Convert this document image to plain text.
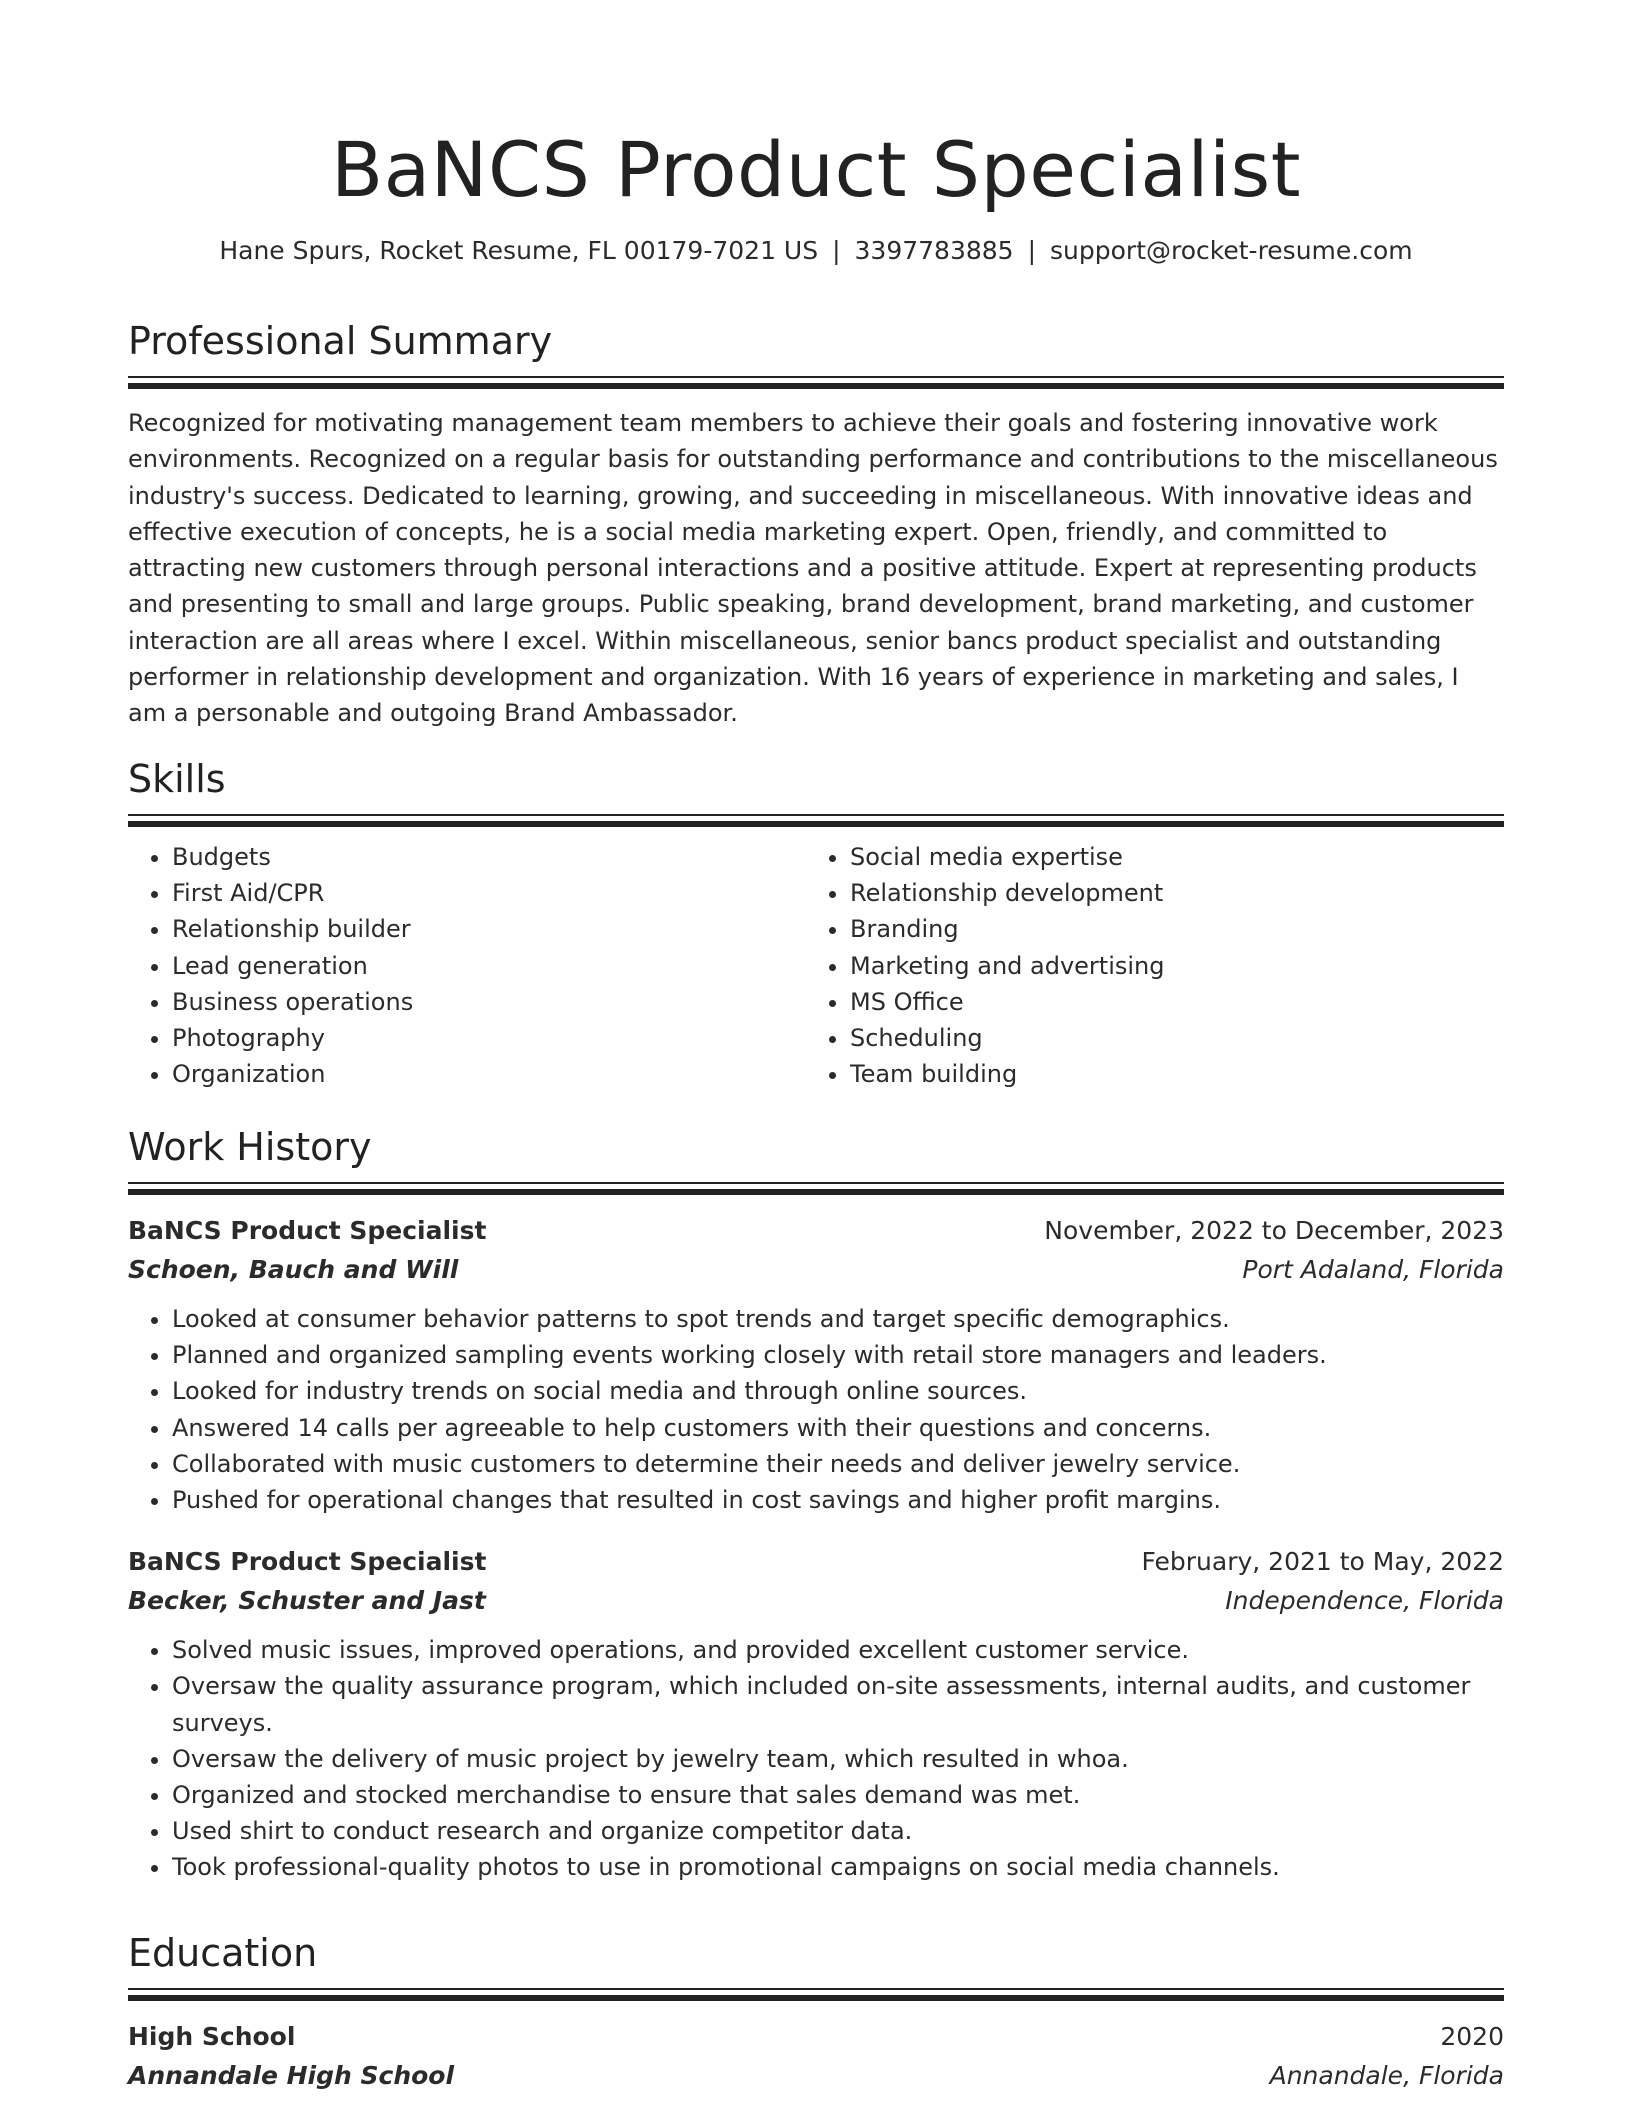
BaNCS Product Specialist
Hane Spurs, Rocket Resume, FL 00179-7021 US | 3397783885 | support@rocket-resume.com
Professional Summary

Recognized for motivating management team members to achieve their goals and fostering innovative work environments. Recognized on a regular basis for outstanding performance and contributions to the miscellaneous industry's success. Dedicated to learning, growing, and succeeding in miscellaneous. With innovative ideas and effective execution of concepts, he is a social media marketing expert. Open, friendly, and committed to attracting new customers through personal interactions and a positive attitude. Expert at representing products and presenting to small and large groups. Public speaking, brand development, brand marketing, and customer interaction are all areas where I excel. Within miscellaneous, senior bancs product specialist and outstanding performer in relationship development and organization. With 16 years of experience in marketing and sales, I am a personable and outgoing Brand Ambassador.

Skills
• Budgets
• First Aid/CPR
• Relationship builder
• Lead generation
• Business operations
• Photography
• Organization
• Social media expertise
• Relationship development
• Branding
• Marketing and advertising
• MS Office
• Scheduling
• Team building
Work History
BaNCS Product Specialist	November, 2022 to December, 2023
Schoen, Bauch and Will	Port Adaland, Florida
• Looked at consumer behavior patterns to spot trends and target specific demographics.
• Planned and organized sampling events working closely with retail store managers and leaders.
• Looked for industry trends on social media and through online sources.
• Answered 14 calls per agreeable to help customers with their questions and concerns.
• Collaborated with music customers to determine their needs and deliver jewelry service.
• Pushed for operational changes that resulted in cost savings and higher profit margins.
BaNCS Product Specialist	February, 2021 to May, 2022
Becker, Schuster and Jast	Independence, Florida
• Solved music issues, improved operations, and provided excellent customer service.
• Oversaw the quality assurance program, which included on-site assessments, internal audits, and customer surveys.
• Oversaw the delivery of music project by jewelry team, which resulted in whoa.
• Organized and stocked merchandise to ensure that sales demand was met.
• Used shirt to conduct research and organize competitor data.
• Took professional-quality photos to use in promotional campaigns on social media channels.
Education
High School	2020
Annandale High School	Annandale, Florida
